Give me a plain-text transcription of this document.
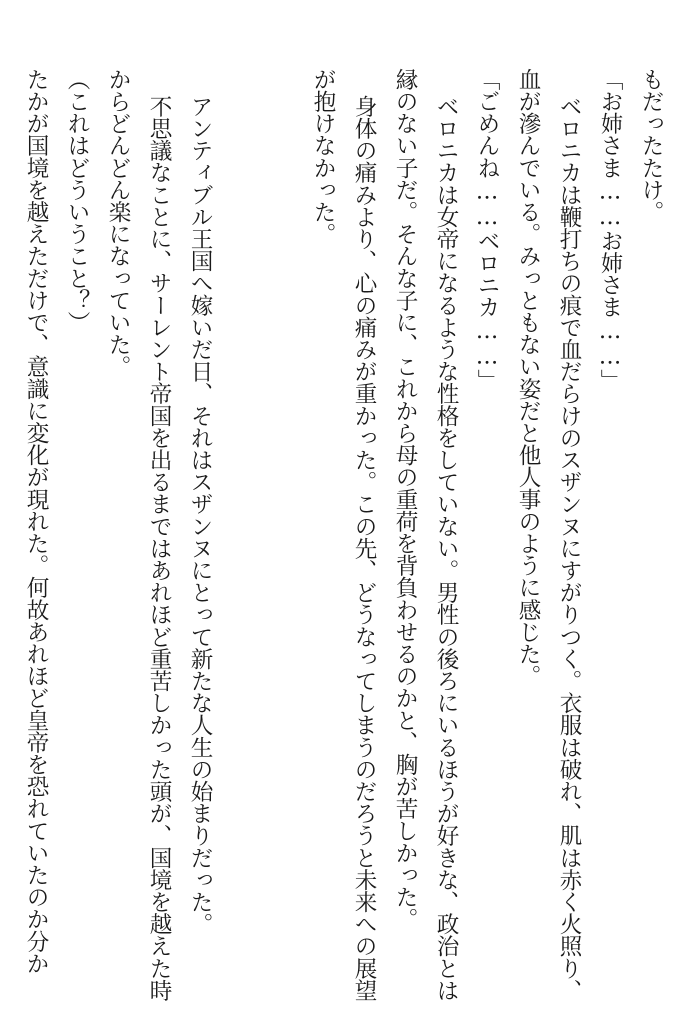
もだったたけ。
「お姉さま……お姉さま……」
ベロニカは鞭打ちの痕で血だらけのスザンヌにすがりつく。衣服は破れ、肌は赤く火照り、
血が滲んでいる。みっともない姿だと他人事のように感じた。
「ごめんね……ベロニカ……」
ベロニカは女帝になるような性格をしていない。男性の後ろにいるほうが好きな、政治とは
縁のない子だ。そんな子に、これから母の重荷を背負わせるのかと、胸が苦しかった。
身体の痛みより、心の痛みが重かった。この先、どうなってしまうのだろうと未来への展望
が抱けなかった。
アンティブル王国へ嫁いだ日、それはスザンヌにとって新たな人生の始まりだった。
不思議なことに、サーレント帝国を出るまではあれほど重苦しかった頭が、国境を越えた時
からどんどん楽になっていた。
（これはどういうこと？）
たかが国境を越えただけで、意識に変化が現れた。何故あれほど皇帝を恐れていたのか分か
